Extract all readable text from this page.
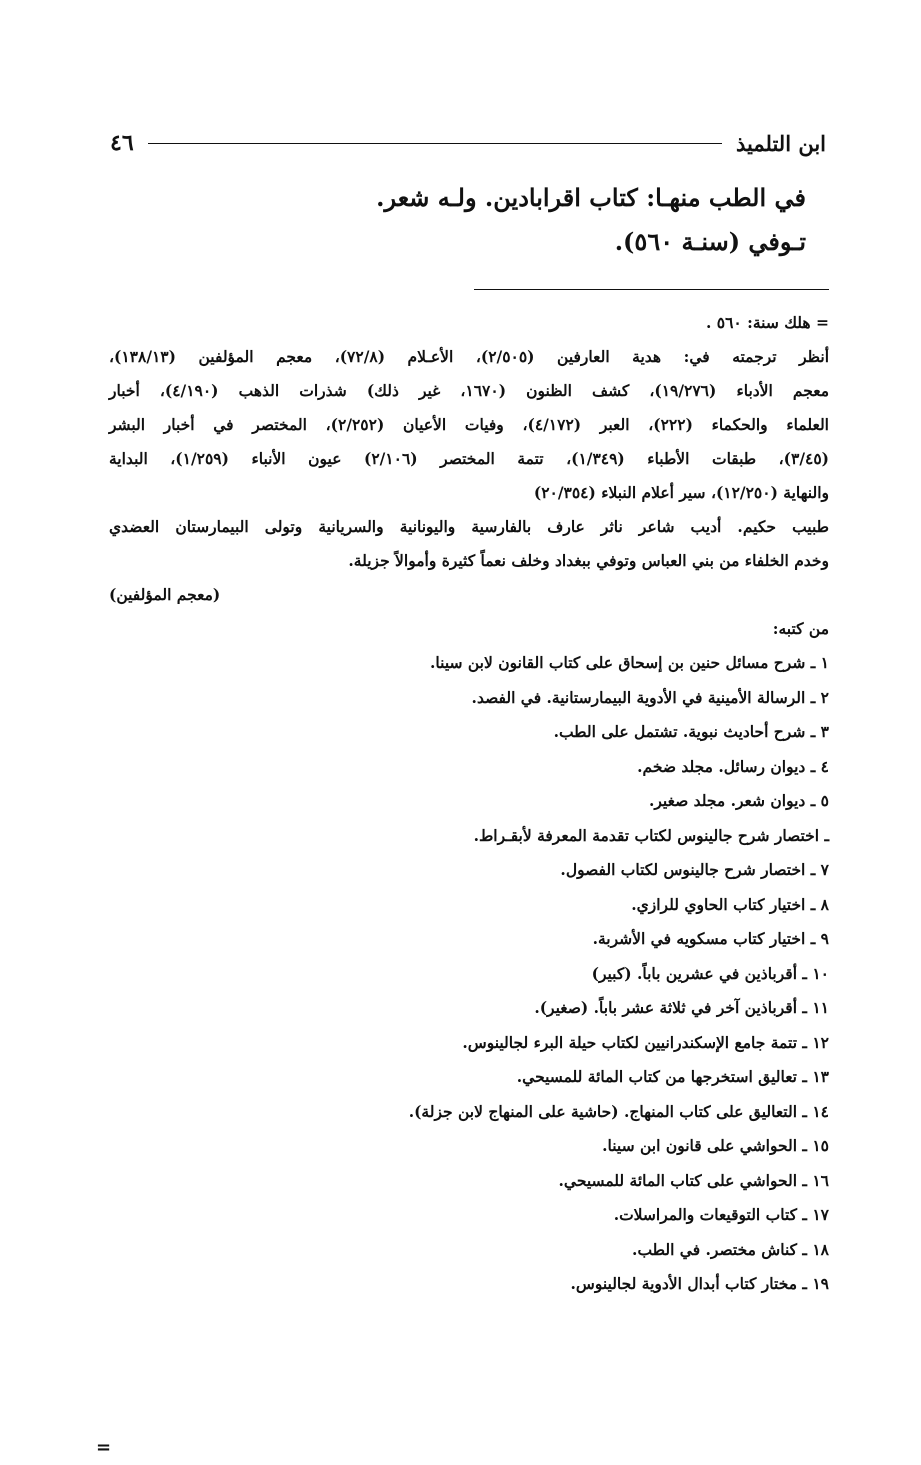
ابن التلميذ
٤٦
في الطب منهـا: كتاب اقرابادين. ولـه شعر.
تـوفي (سنـة ٥٦٠).
= هلك سنة: ٥٦٠ .
أنظر ترجمته في: هدية العارفين (٢/٥٠٥)، الأعـلام (٧٢/٨)، معجم المؤلفين (١٣٨/١٣)،
معجم الأدباء (١٩/٢٧٦)، كشف الظنون (١٦٧٠، غير ذلك) شذرات الذهب (٤/١٩٠)، أخبار
العلماء والحكماء (٢٢٢)، العبر (٤/١٧٢)، وفيات الأعيان (٢/٢٥٢)، المختصر في أخبار البشر
(٣/٤٥)، طبقات الأطباء (١/٣٤٩)، تتمة المختصر (٢/١٠٦) عيون الأنباء (١/٢٥٩)، البداية
والنهاية (١٢/٢٥٠)، سير أعلام النبلاء (٢٠/٣٥٤)
طبيب حكيم. أديب شاعر ناثر عارف بالفارسية واليونانية والسريانية وتولى البيمارستان العضدي
وخدم الخلفاء من بني العباس وتوفي ببغداد وخلف نعماً كثيرة وأموالاً جزيلة.
(معجم المؤلفين)
من كتبه:
١ ـ شرح مسائل حنين بن إسحاق على كتاب القانون لابن سينا.
٢ ـ الرسالة الأمينية في الأدوية البيمارستانية. في الفصد.
٣ ـ شرح أحاديث نبوية. تشتمل على الطب.
٤ ـ ديوان رسائل. مجلد ضخم.
٥ ـ ديوان شعر. مجلد صغير.
ـ اختصار شرح جالينوس لكتاب تقدمة المعرفة لأبقـراط.
٧ ـ اختصار شرح جالينوس لكتاب الفصول.
٨ ـ اختيار كتاب الحاوي للرازي.
٩ ـ اختيار كتاب مسكويه في الأشربة.
١٠ ـ أقرباذين في عشرين باباً. (كبير)
١١ ـ أقرباذين آخر في ثلاثة عشر باباً. (صغير).
١٢ ـ تتمة جامع الإسكندرانيين لكتاب حيلة البرء لجالينوس.
١٣ ـ تعاليق استخرجها من كتاب المائة للمسيحي.
١٤ ـ التعاليق على كتاب المنهاج. (حاشية على المنهاج لابن جزلة).
١٥ ـ الحواشي على قانون ابن سينا.
١٦ ـ الحواشي على كتاب المائة للمسيحي.
١٧ ـ كتاب التوقيعات والمراسلات.
١٨ ـ كناش مختصر. في الطب.
١٩ ـ مختار كتاب أبدال الأدوية لجالينوس.
=
